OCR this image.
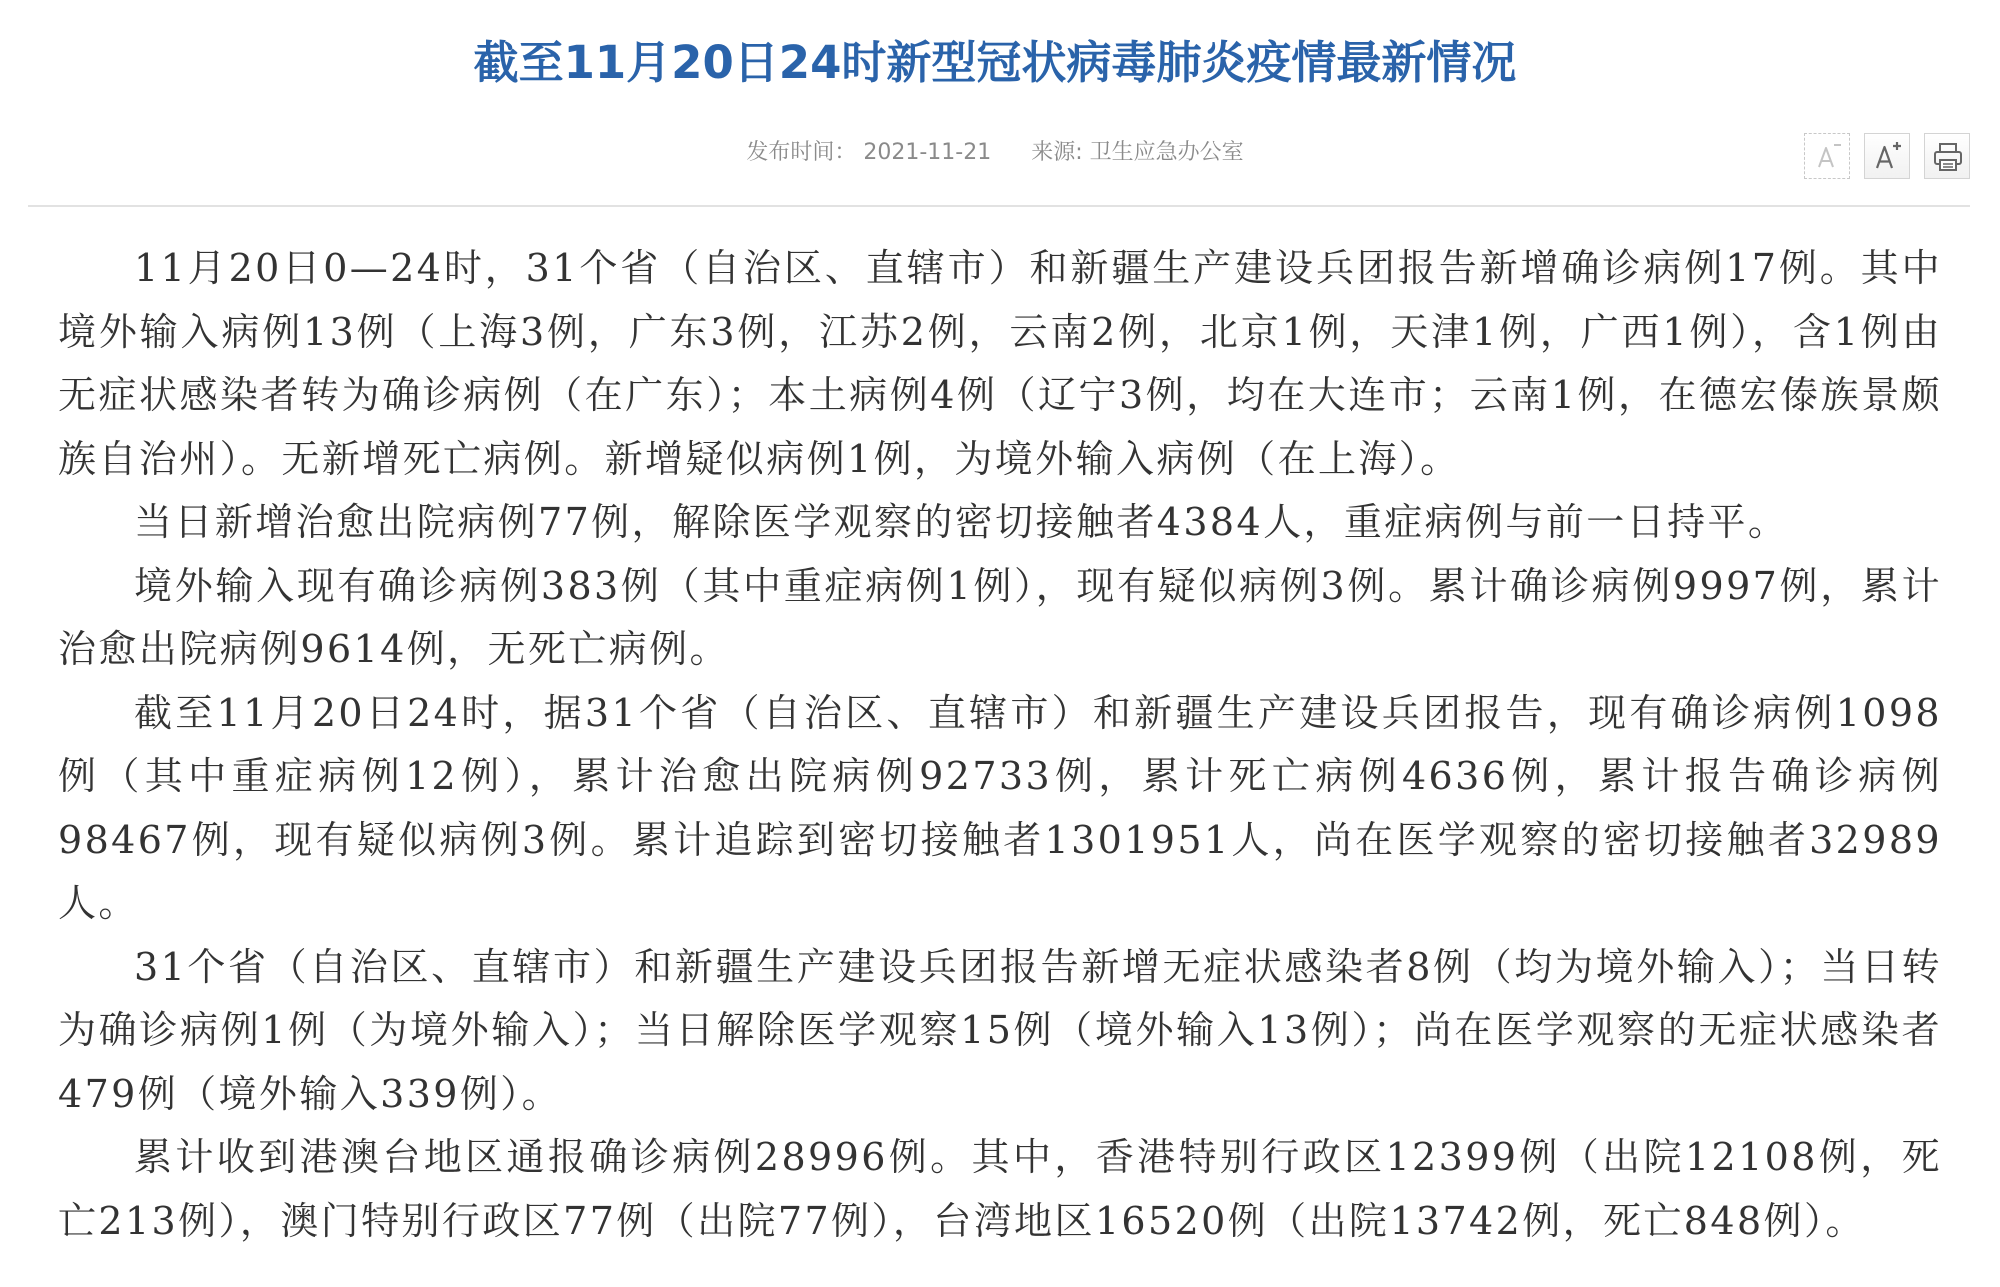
截至11月20日24时新型冠状病毒肺炎疫情最新情况
发布时间： 2021-11-21 来源: 卫生应急办公室

11月20日0—24时，31个省（自治区、直辖市）和新疆生产建设兵团报告新增确诊病例17例。其中境外输入病例13例（上海3例，广东3例，江苏2例，云南2例，北京1例，天津1例，广西1例），含1例由无症状感染者转为确诊病例（在广东）；本土病例4例（辽宁3例，均在大连市；云南1例，在德宏傣族景颇族自治州）。无新增死亡病例。新增疑似病例1例，为境外输入病例（在上海）。

当日新增治愈出院病例77例，解除医学观察的密切接触者4384人，重症病例与前一日持平。

境外输入现有确诊病例383例（其中重症病例1例），现有疑似病例3例。累计确诊病例9997例，累计治愈出院病例9614例，无死亡病例。

截至11月20日24时，据31个省（自治区、直辖市）和新疆生产建设兵团报告，现有确诊病例1098例（其中重症病例12例），累计治愈出院病例92733例，累计死亡病例4636例，累计报告确诊病例98467例，现有疑似病例3例。累计追踪到密切接触者1301951人，尚在医学观察的密切接触者32989人。

31个省（自治区、直辖市）和新疆生产建设兵团报告新增无症状感染者8例（均为境外输入）；当日转为确诊病例1例（为境外输入）；当日解除医学观察15例（境外输入13例）；尚在医学观察的无症状感染者479例（境外输入339例）。

累计收到港澳台地区通报确诊病例28996例。其中，香港特别行政区12399例（出院12108例，死亡213例），澳门特别行政区77例（出院77例），台湾地区16520例（出院13742例，死亡848例）。
